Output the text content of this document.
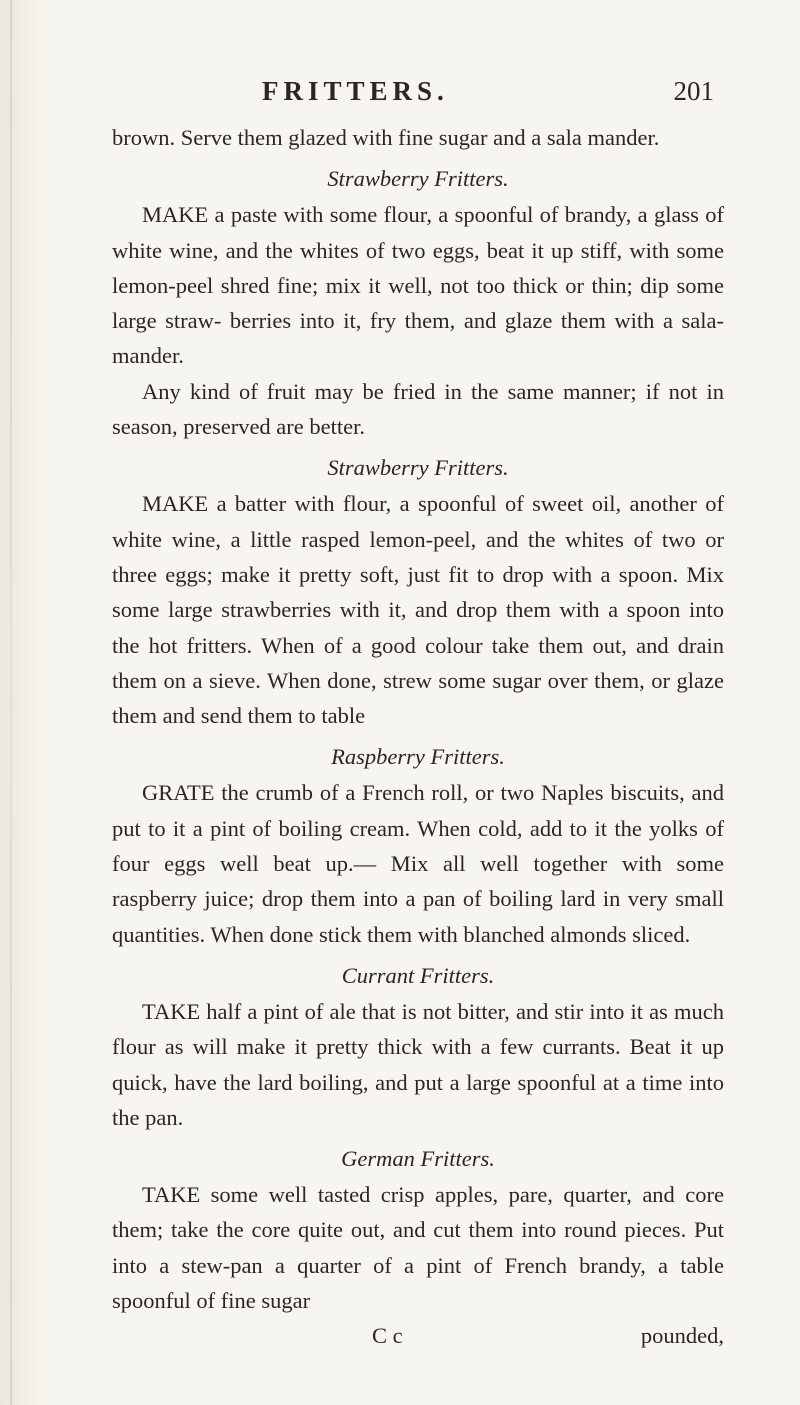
FRITTERS.	201

brown. Serve them glazed with fine sugar and a sala mander.

Strawberry Fritters.

MAKE a paste with some flour, a spoonful of brandy, a glass of white wine, and the whites of two eggs, beat it up stiff, with some lemon-peel shred fine; mix it well, not too thick or thin; dip some large straw- berries into it, fry them, and glaze them with a sala- mander.

Any kind of fruit may be fried in the same manner; if not in season, preserved are better.

Strawberry Fritters.

MAKE a batter with flour, a spoonful of sweet oil, another of white wine, a little rasped lemon-peel, and the whites of two or three eggs; make it pretty soft, just fit to drop with a spoon. Mix some large strawberries with it, and drop them with a spoon into the hot fritters. When of a good colour take them out, and drain them on a sieve. When done, strew some sugar over them, or glaze them and send them to table

Raspberry Fritters.

GRATE the crumb of a French roll, or two Naples biscuits, and put to it a pint of boiling cream. When cold, add to it the yolks of four eggs well beat up.— Mix all well together with some raspberry juice; drop them into a pan of boiling lard in very small quantities. When done stick them with blanched almonds sliced.

Currant Fritters.

TAKE half a pint of ale that is not bitter, and stir into it as much flour as will make it pretty thick with a few currants. Beat it up quick, have the lard boiling, and put a large spoonful at a time into the pan.

German Fritters.

TAKE some well tasted crisp apples, pare, quarter, and core them; take the core quite out, and cut them into round pieces. Put into a stew-pan a quarter of a pint of French brandy, a table spoonful of fine sugar

C c	pounded,
